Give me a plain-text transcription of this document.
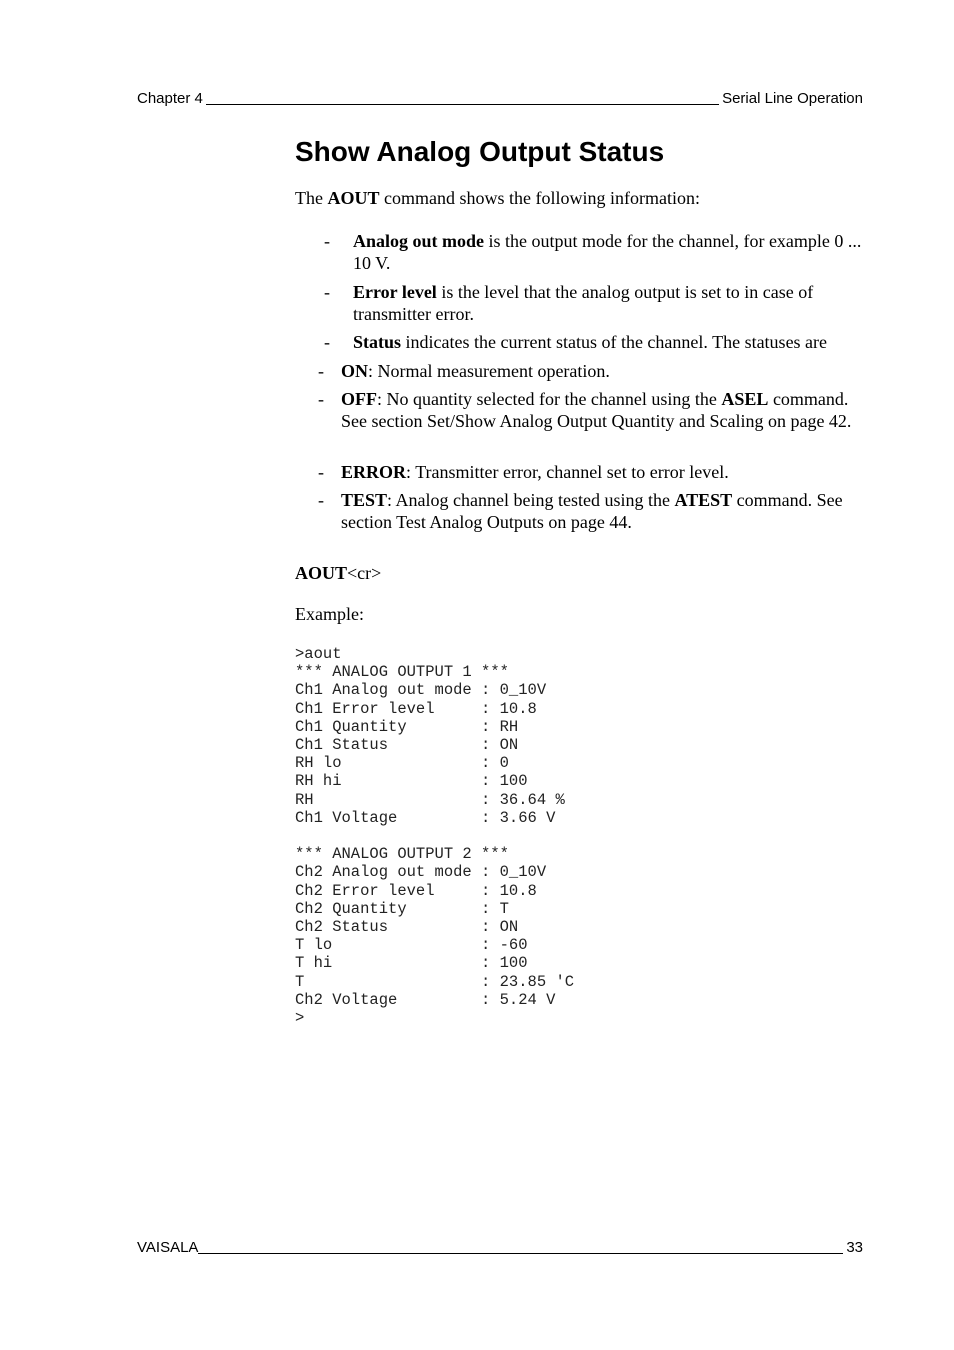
Chapter 4	Serial Line Operation
Show Analog Output Status

The AOUT command shows the following information:

- Analog out mode is the output mode for the channel, for example 0 ... 10 V.
- Error level is the level that the analog output is set to in case of transmitter error.
- Status indicates the current status of the channel. The statuses are
- ON: Normal measurement operation.
- OFF: No quantity selected for the channel using the ASEL command. See section Set/Show Analog Output Quantity and Scaling on page 42.
- ERROR: Transmitter error, channel set to error level.
- TEST: Analog channel being tested using the ATEST command. See section Test Analog Outputs on page 44.

AOUT<cr>

Example:

>aout
*** ANALOG OUTPUT 1 ***
Ch1 Analog out mode : 0_10V
Ch1 Error level     : 10.8
Ch1 Quantity        : RH
Ch1 Status          : ON
RH lo               : 0
RH hi               : 100
RH                  : 36.64 %
Ch1 Voltage         : 3.66 V

*** ANALOG OUTPUT 2 ***
Ch2 Analog out mode : 0_10V
Ch2 Error level     : 10.8
Ch2 Quantity        : T
Ch2 Status          : ON
T lo                : -60
T hi                : 100
T                   : 23.85 'C
Ch2 Voltage         : 5.24 V
>
VAISALA	33
